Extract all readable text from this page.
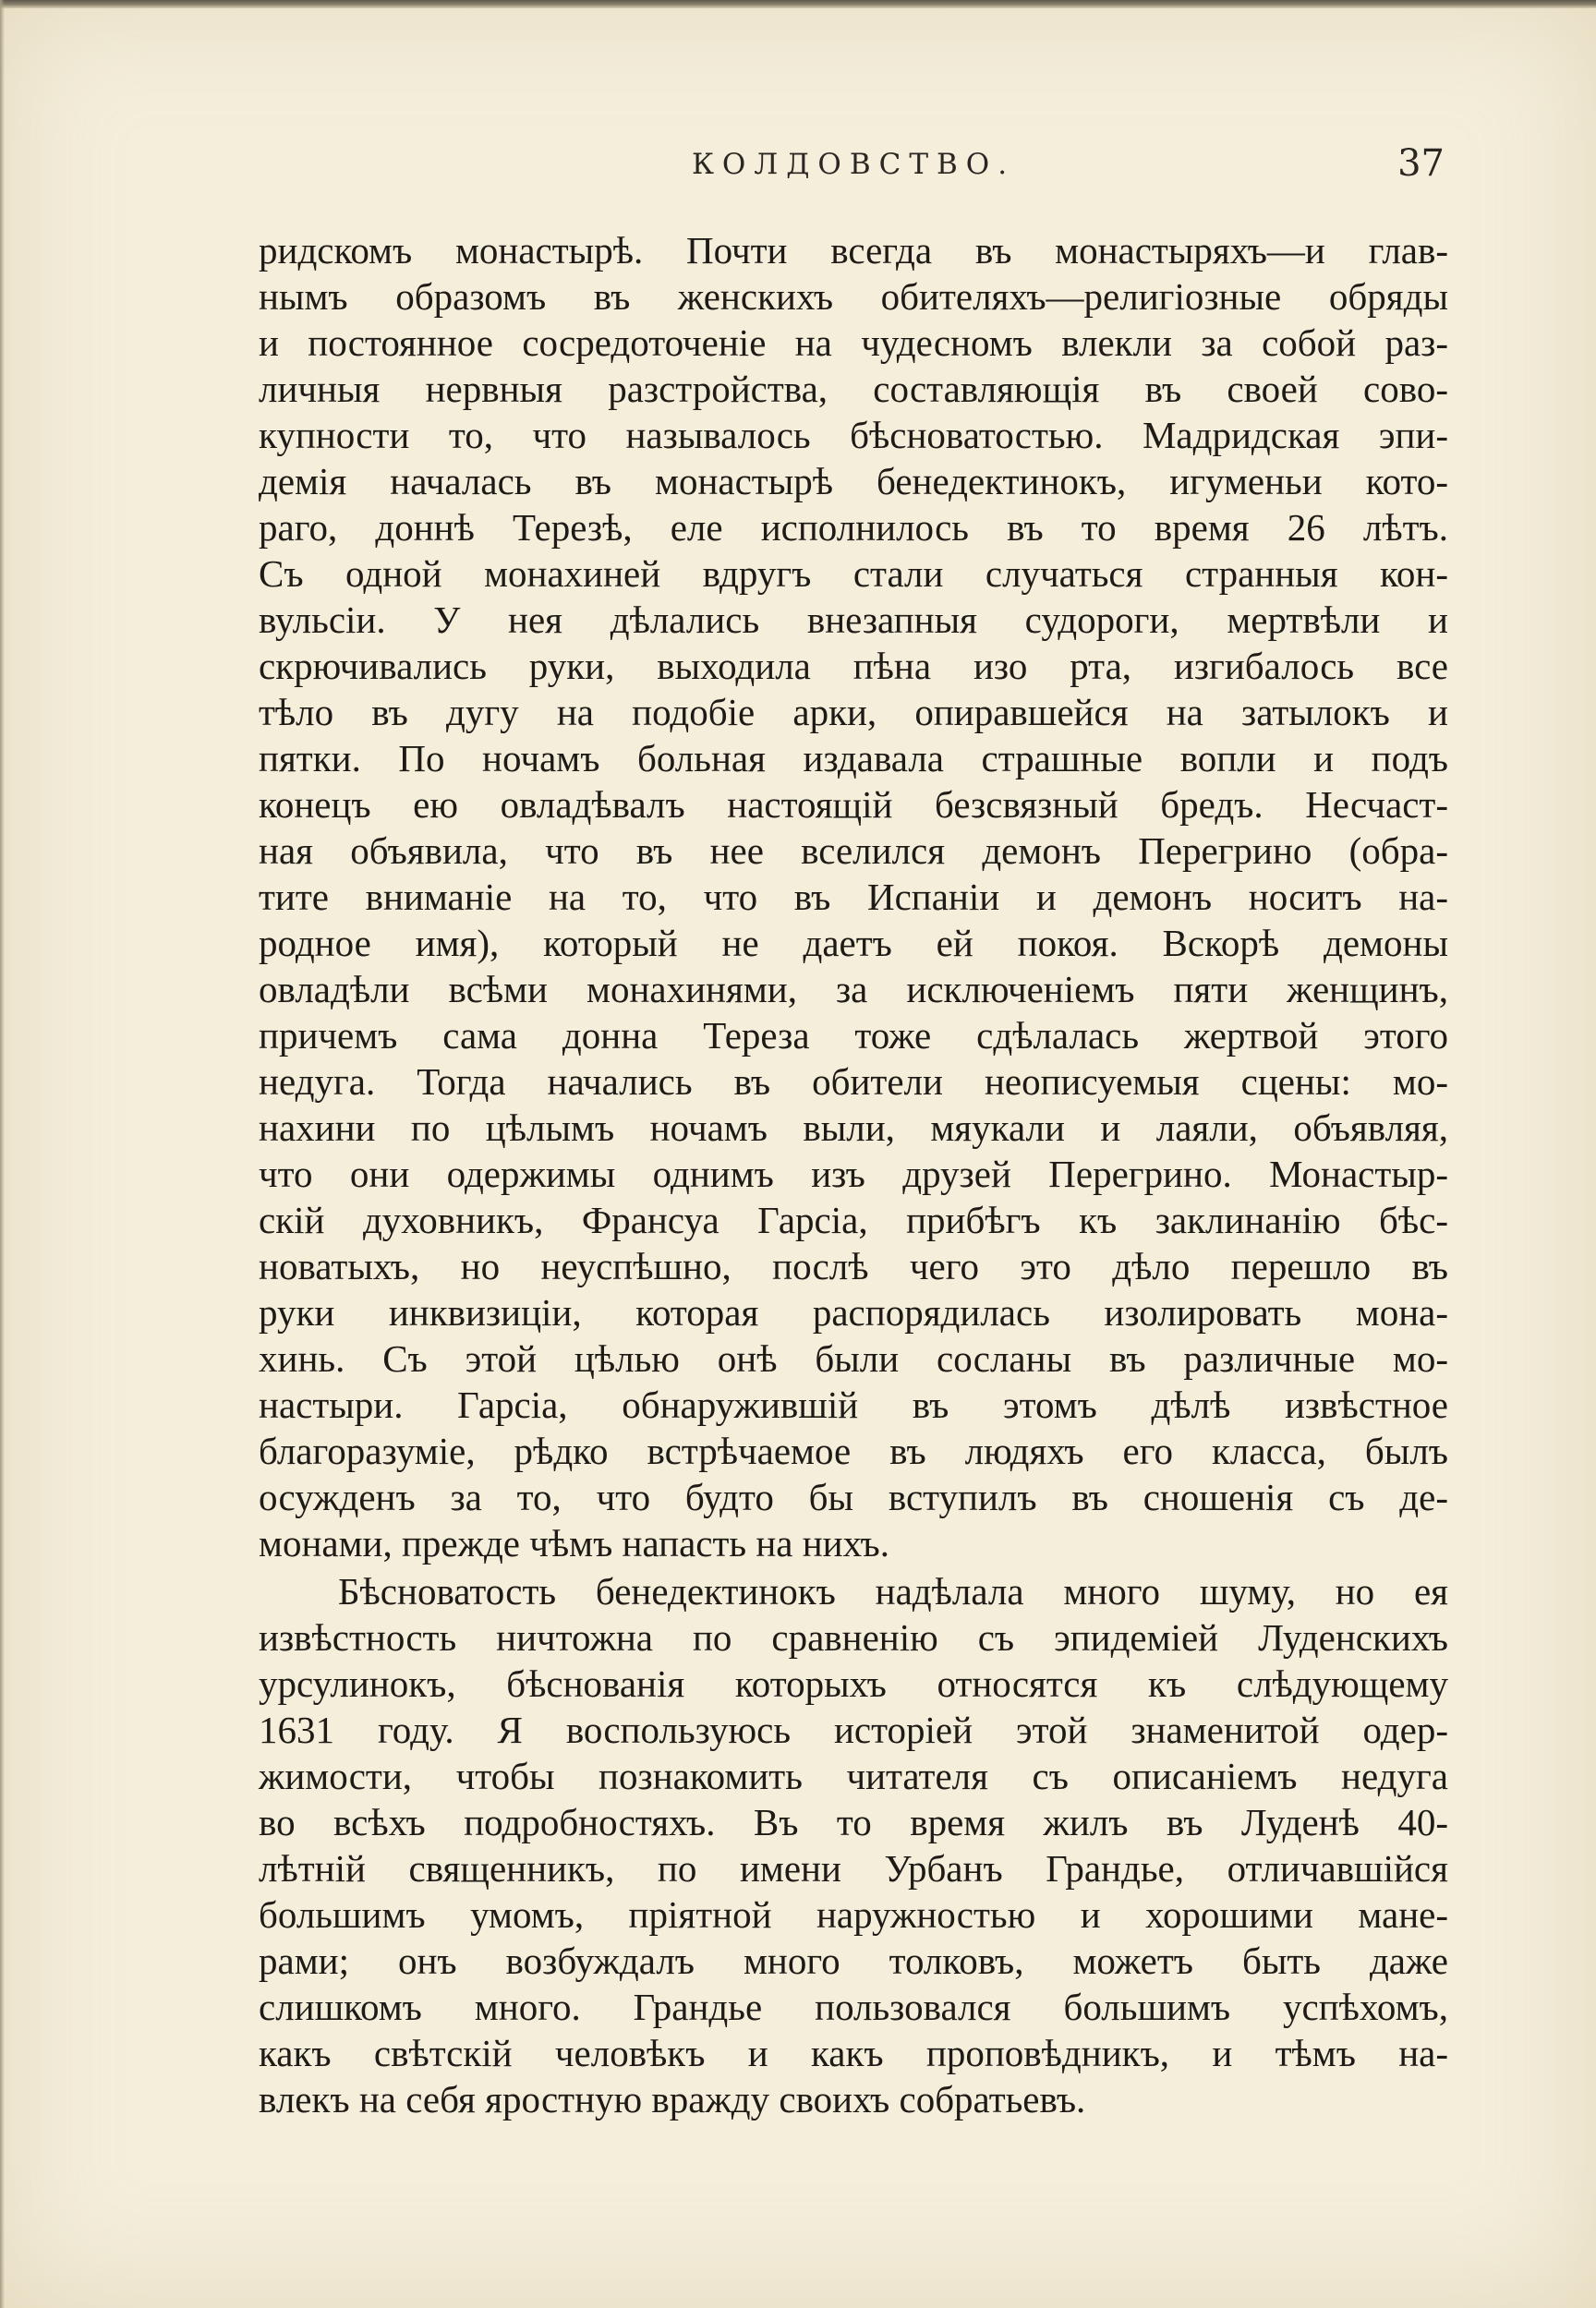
КОЛДОВСТВО.	37
ридскомъ монастырѣ. Почти всегда въ монастыряхъ—и глав-
нымъ образомъ въ женскихъ обителяхъ—религiозные обряды
и постоянное сосредоточенiе на чудесномъ влекли за собой раз-
личныя нервныя разстройства, составляющiя въ своей сово-
купности то, что называлось бѣсноватостью. Мадридская эпи-
демiя началась въ монастырѣ бенедектинокъ, игуменьи кото-
раго, доннѣ Терезѣ, еле исполнилось въ то время 26 лѣтъ.
Съ одной монахиней вдругъ стали случаться странныя кон-
вульсiи. У нея дѣлались внезапныя судороги, мертвѣли и
скрючивались руки, выходила пѣна изо рта, изгибалось все
тѣло въ дугу на подобiе арки, опиравшейся на затылокъ и
пятки. По ночамъ больная издавала страшные вопли и подъ
конецъ ею овладѣвалъ настоящiй безсвязный бредъ. Несчаст-
ная объявила, что въ нее вселился демонъ Перегрино (обра-
тите вниманiе на то, что въ Испанiи и демонъ носитъ на-
родное имя), который не даетъ ей покоя. Вскорѣ демоны
овладѣли всѣми монахинями, за исключенiемъ пяти женщинъ,
причемъ сама донна Тереза тоже сдѣлалась жертвой этого
недуга. Тогда начались въ обители неописуемыя сцены: мо-
нахини по цѣлымъ ночамъ выли, мяукали и лаяли, объявляя,
что они одержимы однимъ изъ друзей Перегрино. Монастыр-
скiй духовникъ, Франсуа Гарсiа, прибѣгъ къ заклинанiю бѣс-
новатыхъ, но неуспѣшно, послѣ чего это дѣло перешло въ
руки инквизицiи, которая распорядилась изолировать мона-
хинь. Съ этой цѣлью онѣ были сосланы въ различные мо-
настыри. Гарсiа, обнаружившiй въ этомъ дѣлѣ извѣстное
благоразумiе, рѣдко встрѣчаемое въ людяхъ его класса, былъ
осужденъ за то, что будто бы вступилъ въ сношенiя съ де-
монами, прежде чѣмъ напасть на нихъ.
Бѣсноватость бенедектинокъ надѣлала много шуму, но ея
извѣстность ничтожна по сравненiю съ эпидемiей Луденскихъ
урсулинокъ, бѣснованiя которыхъ относятся къ слѣдующему
1631 году. Я воспользуюсь исторiей этой знаменитой одер-
жимости, чтобы познакомить читателя съ описанiемъ недуга
во всѣхъ подробностяхъ. Въ то время жилъ въ Луденѣ 40-
лѣтнiй священникъ, по имени Урбанъ Грандье, отличавшiйся
большимъ умомъ, прiятной наружностью и хорошими мане-
рами; онъ возбуждалъ много толковъ, можетъ быть даже
слишкомъ много. Грандье пользовался большимъ успѣхомъ,
какъ свѣтскiй человѣкъ и какъ проповѣдникъ, и тѣмъ на-
влекъ на себя яростную вражду своихъ собратьевъ.
